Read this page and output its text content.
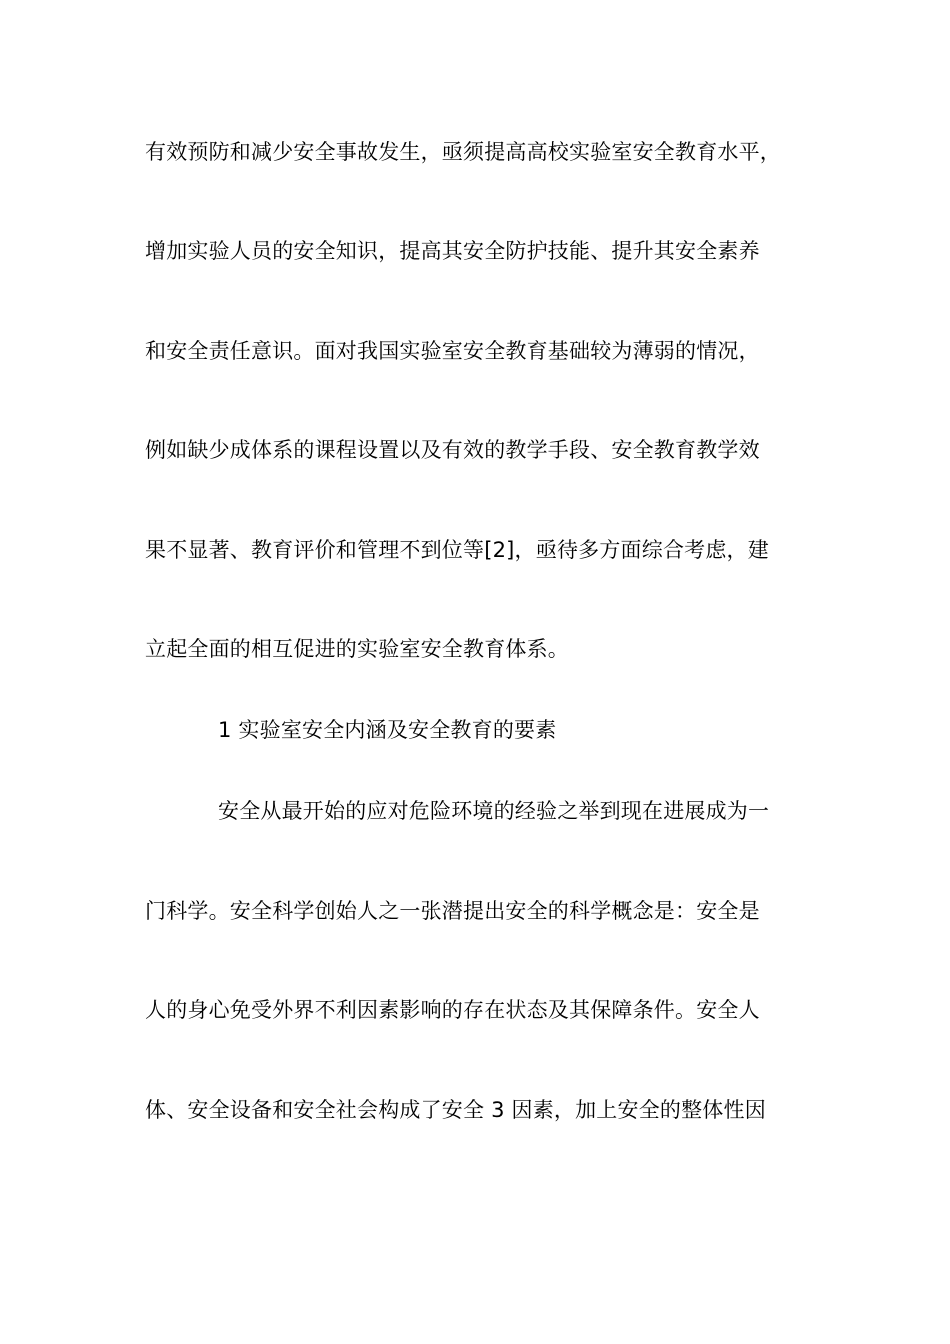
有效预防和减少安全事故发生，亟须提高高校实验室安全教育水平，
增加实验人员的安全知识，提高其安全防护技能、提升其安全素养
和安全责任意识。面对我国实验室安全教育基础较为薄弱的情况，
例如缺少成体系的课程设置以及有效的教学手段、安全教育教学效
果不显著、教育评价和管理不到位等[2]，亟待多方面综合考虑，建
立起全面的相互促进的实验室安全教育体系。
1 实验室安全内涵及安全教育的要素
安全从最开始的应对危险环境的经验之举到现在进展成为一
门科学。安全科学创始人之一张潜提出安全的科学概念是：安全是
人的身心免受外界不利因素影响的存在状态及其保障条件。安全人
体、安全设备和安全社会构成了安全 3 因素，加上安全的整体性因
